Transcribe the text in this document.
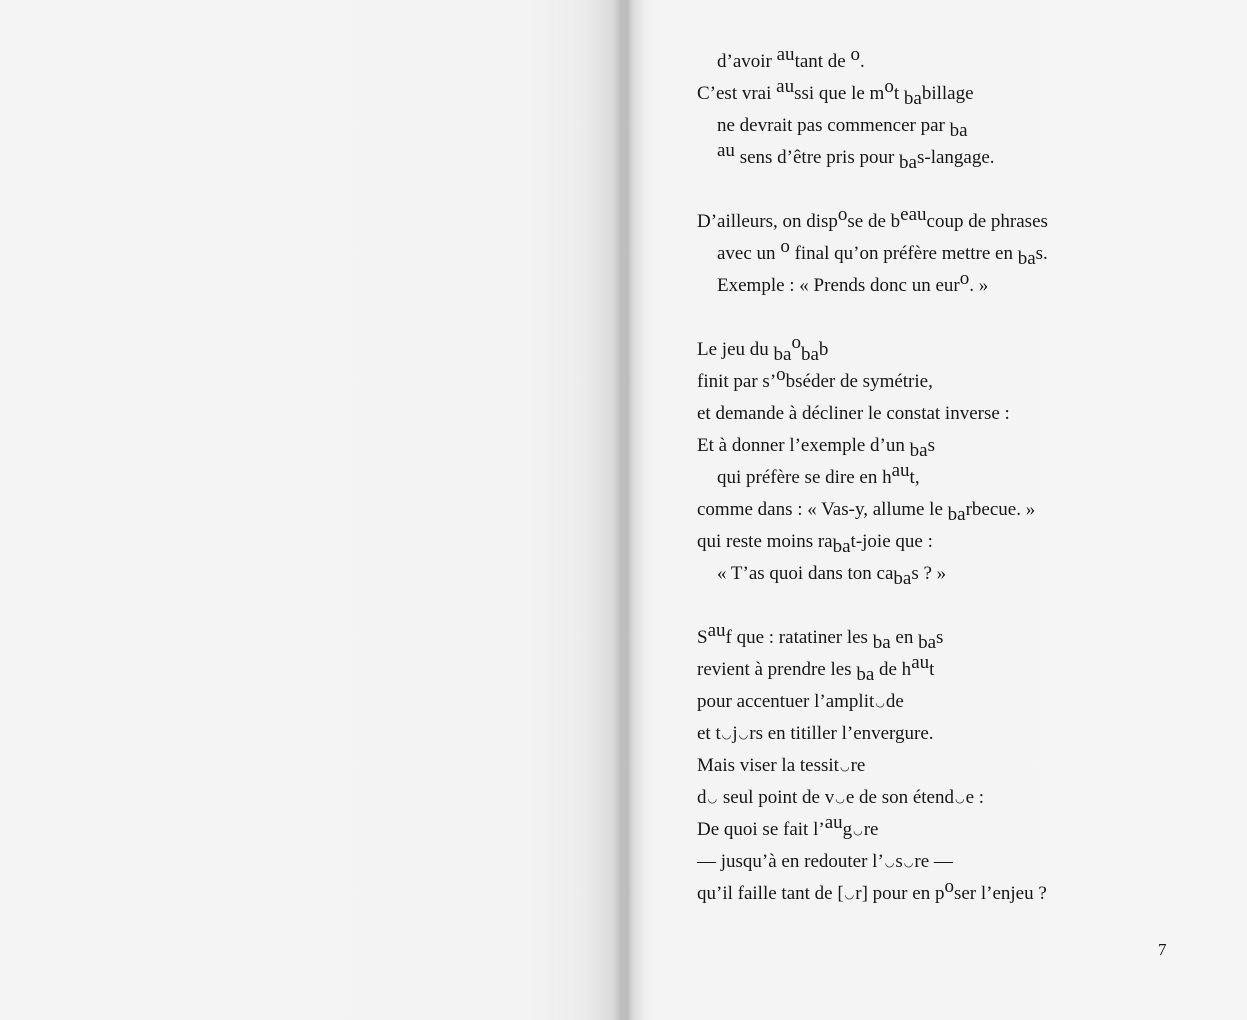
d’avoir autant de o.
C’est vrai aussi que le mot babillage
ne devrait pas commencer par ba
au sens d’être pris pour bas-langage.
D’ailleurs, on dispose de beaucoup de phrases
avec un o final qu’on préfère mettre en bas.
Exemple : « Prends donc un euro. »
Le jeu du baobab
finit par s’obséder de symétrie,
et demande à décliner le constat inverse :
Et à donner l’exemple d’un bas
qui préfère se dire en haut,
comme dans : « Vas-y, allume le barbecue. »
qui reste moins rabat-joie que :
« T’as quoi dans ton cabas ? »
Sauf que : ratatiner les ba en bas
revient à prendre les ba de haut
pour accentuer l’amplit◡de
et t◡j◡rs en titiller l’envergure.
Mais viser la tessit◡re
d◡ seul point de v◡e de son étend◡e :
De quoi se fait l’aug◡re
— jusqu’à en redouter l’◡s◡re —
qu’il faille tant de [◡r] pour en poser l’enjeu ?
7
